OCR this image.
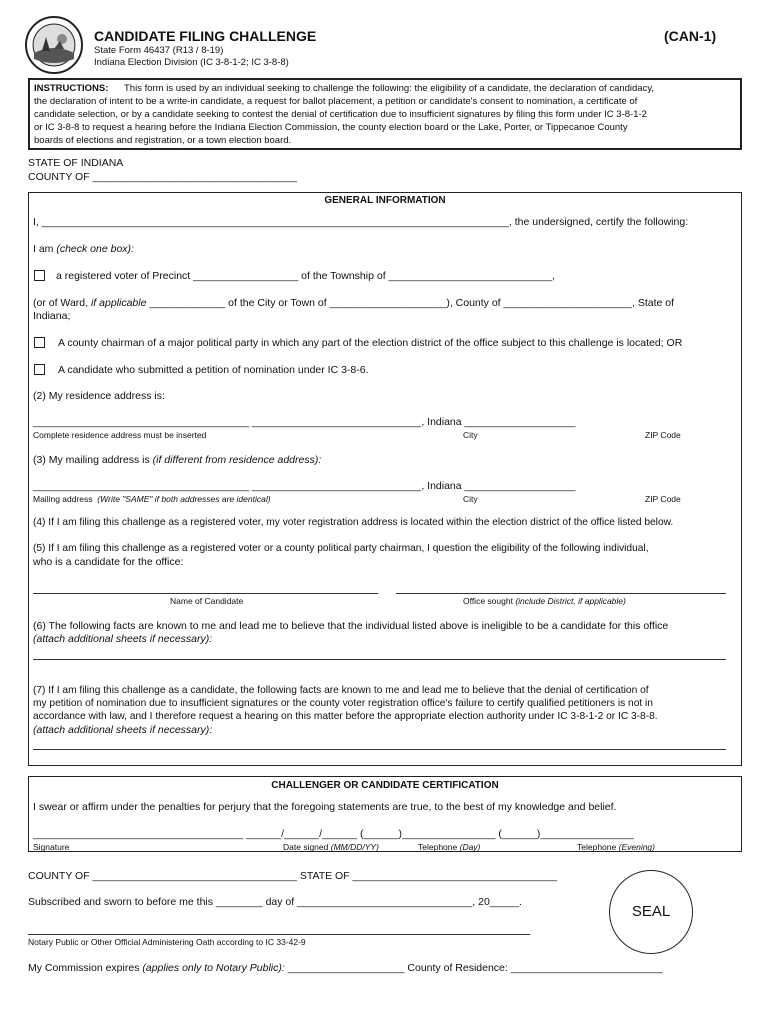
CANDIDATE FILING CHALLENGE	(CAN-1)
State Form 46437 (R13 / 8-19)
Indiana Election Division (IC 3-8-1-2; IC 3-8-8)
INSTRUCTIONS: This form is used by an individual seeking to challenge the following: the eligibility of a candidate, the declaration of candidacy,
the declaration of intent to be a write-in candidate, a request for ballot placement, a petition or candidate's consent to nomination, a certificate of
candidate selection, or by a candidate seeking to contest the denial of certification due to insufficient signatures by filing this form under IC 3-8-1-2
or IC 3-8-8 to request a hearing before the Indiana Election Commission, the county election board or the Lake, Porter, or Tippecanoe County
boards of elections and registration, or a town election board.
STATE OF INDIANA
COUNTY OF ___________________________________
GENERAL INFORMATION
I, ________________________________________________________________________________, the undersigned, certify the following:
I am (check one box):
a registered voter of Precinct __________________ of the Township of ____________________________,
(or of Ward, if applicable _____________ of the City or Town of ____________________), County of ______________________, State of
Indiana;
A county chairman of a major political party in which any part of the election district of the office subject to this challenge is located; OR
A candidate who submitted a petition of nomination under IC 3-8-6.
(2) My residence address is:
_____________________________________ _____________________________, Indiana ___________________
Complete residence address must be inserted	City	ZIP Code
(3) My mailing address is (if different from residence address):
_____________________________________ _____________________________, Indiana ___________________
Mailing address (Write "SAME" if both addresses are identical)	City	ZIP Code
(4) If I am filing this challenge as a registered voter, my voter registration address is located within the election district of the office listed below.
(5) If I am filing this challenge as a registered voter or a county political party chairman, I question the eligibility of the following individual,
who is a candidate for the office:
Name of Candidate	Office sought (include District, if applicable)
(6) The following facts are known to me and lead me to believe that the individual listed above is ineligible to be a candidate for this office
(attach additional sheets if necessary):
(7) If I am filing this challenge as a candidate, the following facts are known to me and lead me to believe that the denial of certification of
my petition of nomination due to insufficient signatures or the county voter registration office's failure to certify qualified petitioners is not in
accordance with law, and I therefore request a hearing on this matter before the appropriate election authority under IC 3-8-1-2 or IC 3-8-8.
(attach additional sheets if necessary):
CHALLENGER OR CANDIDATE CERTIFICATION
I swear or affirm under the penalties for perjury that the foregoing statements are true, to the best of my knowledge and belief.
____________________________________ ______/______/______ (______)________________ (______)________________
Signature	Date signed (MM/DD/YY)	Telephone (Day)	Telephone (Evening)
COUNTY OF ___________________________________ STATE OF ___________________________________
Subscribed and sworn to before me this ________ day of ______________________________, 20_____.
Notary Public or Other Official Administering Oath according to IC 33-42-9
My Commission expires (applies only to Notary Public): ____________________ County of Residence: __________________________
SEAL
